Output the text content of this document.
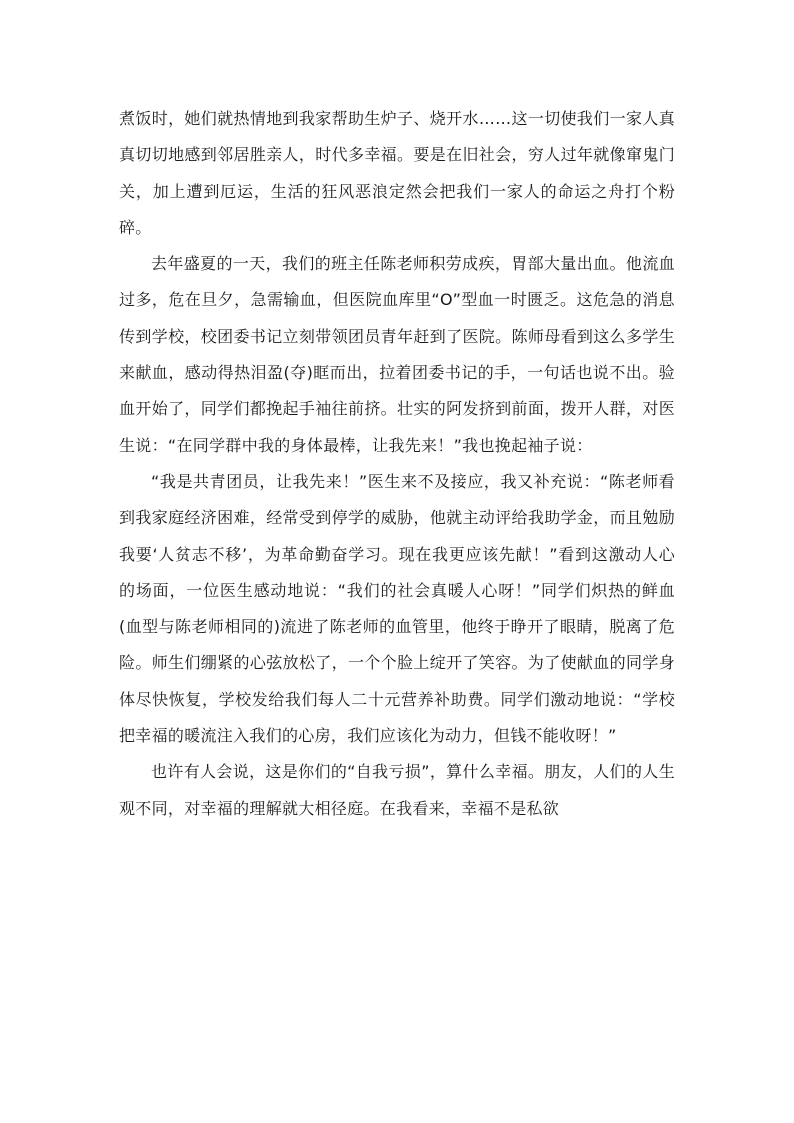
煮饭时，她们就热情地到我家帮助生炉子、烧开水……这一切使我们一家人真真切切地感到邻居胜亲人，时代多幸福。要是在旧社会，穷人过年就像窜鬼门关，加上遭到厄运，生活的狂风恶浪定然会把我们一家人的命运之舟打个粉碎。

去年盛夏的一天，我们的班主任陈老师积劳成疾，胃部大量出血。他流血过多，危在旦夕，急需输血，但医院血库里“O”型血一时匮乏。这危急的消息传到学校，校团委书记立刻带领团员青年赶到了医院。陈师母看到这么多学生来献血，感动得热泪盈(夺)眶而出，拉着团委书记的手，一句话也说不出。验血开始了，同学们都挽起手袖往前挤。壮实的阿发挤到前面，拨开人群，对医生说：“在同学群中我的身体最棒，让我先来！”我也挽起袖子说：

“我是共青团员，让我先来！”医生来不及接应，我又补充说：“陈老师看到我家庭经济困难，经常受到停学的威胁，他就主动评给我助学金，而且勉励我要‘人贫志不移’，为革命勤奋学习。现在我更应该先献！”看到这激动人心的场面，一位医生感动地说：“我们的社会真暖人心呀！”同学们炽热的鲜血(血型与陈老师相同的)流进了陈老师的血管里，他终于睁开了眼睛，脱离了危险。师生们绷紧的心弦放松了，一个个脸上绽开了笑容。为了使献血的同学身体尽快恢复，学校发给我们每人二十元营养补助费。同学们激动地说：“学校把幸福的暖流注入我们的心房，我们应该化为动力，但钱不能收呀！”

也许有人会说，这是你们的“自我亏损”，算什么幸福。朋友，人们的人生观不同，对幸福的理解就大相径庭。在我看来，幸福不是私欲
